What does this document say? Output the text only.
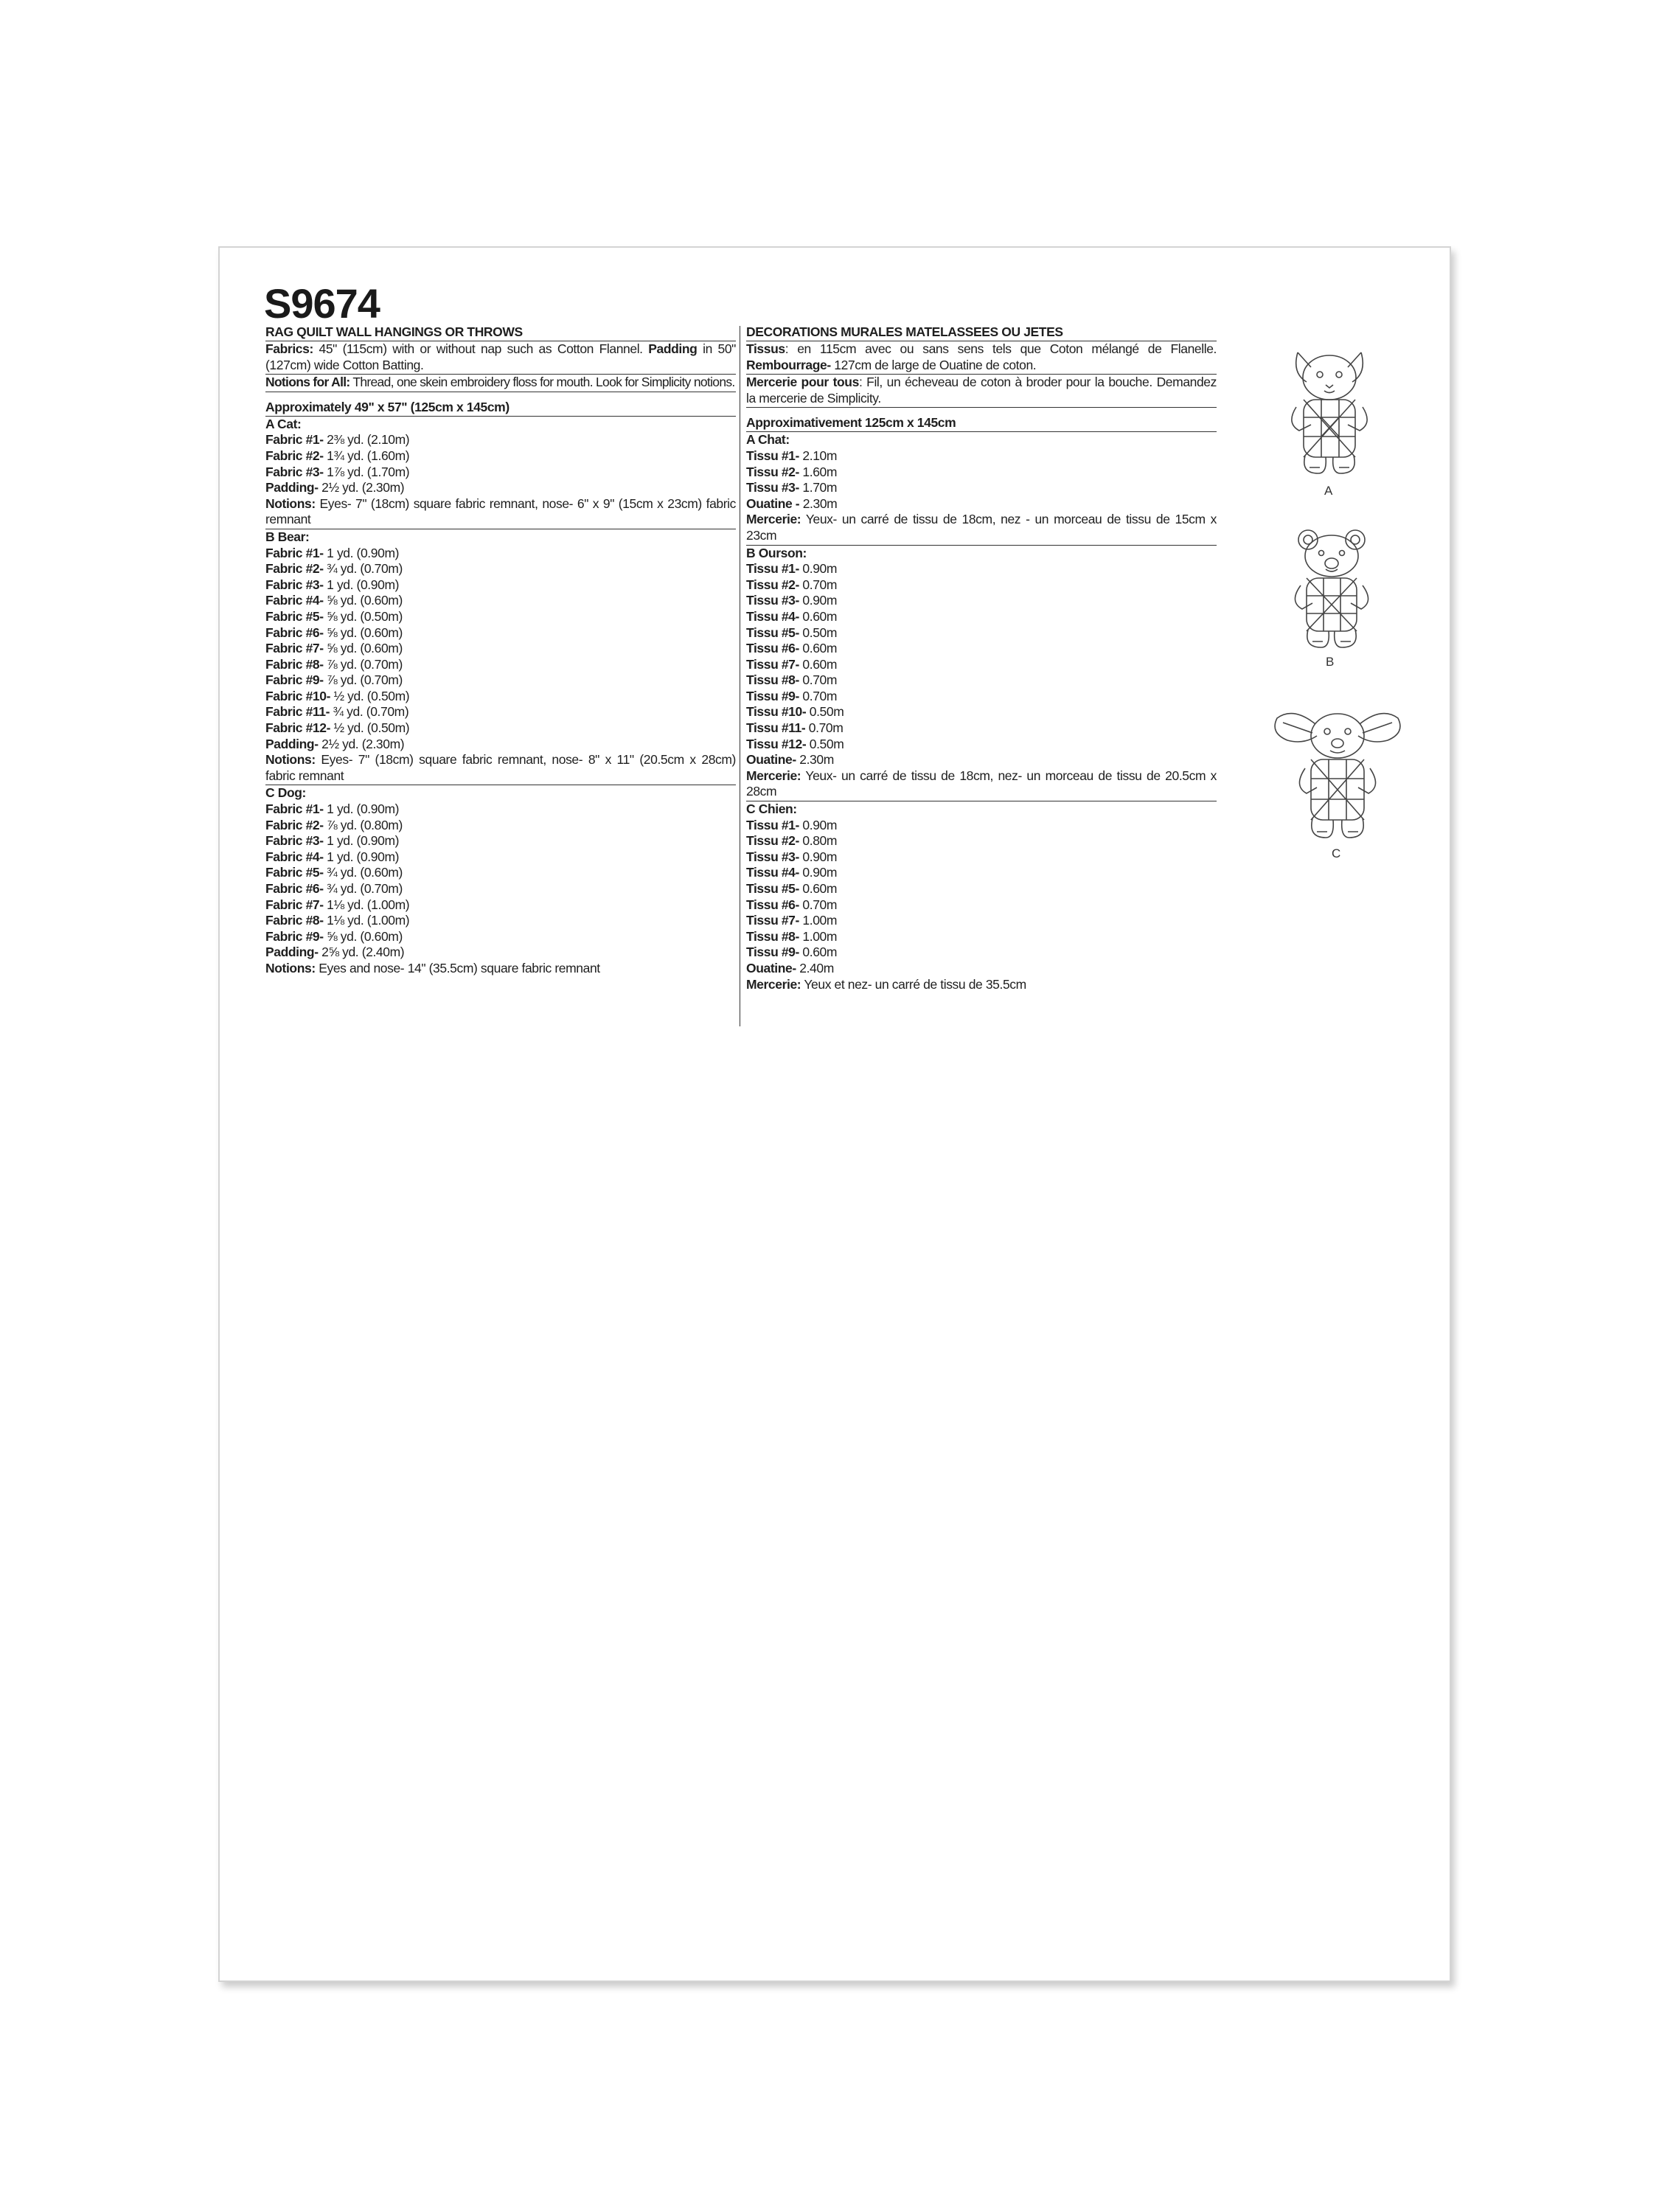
S9674
RAG QUILT WALL HANGINGS OR THROWS
Fabrics: 45" (115cm) with or without nap such as Cotton Flannel. Padding in 50" (127cm) wide Cotton Batting.
Notions for All: Thread, one skein embroidery floss for mouth. Look for Simplicity notions.
Approximately 49" x 57" (125cm x 145cm)
A Cat:
Fabric #1- 2⅜ yd. (2.10m)
Fabric #2- 1¾ yd. (1.60m)
Fabric #3- 1⅞ yd. (1.70m)
Padding- 2½ yd. (2.30m)
Notions: Eyes- 7" (18cm) square fabric remnant, nose- 6" x 9" (15cm x 23cm) fabric remnant
B Bear:
Fabric #1- 1 yd. (0.90m)
Fabric #2- ¾ yd. (0.70m)
Fabric #3- 1 yd. (0.90m)
Fabric #4- ⅝ yd. (0.60m)
Fabric #5- ⅝ yd. (0.50m)
Fabric #6- ⅝ yd. (0.60m)
Fabric #7- ⅝ yd. (0.60m)
Fabric #8- ⅞ yd. (0.70m)
Fabric #9- ⅞ yd. (0.70m)
Fabric #10- ½ yd. (0.50m)
Fabric #11- ¾ yd. (0.70m)
Fabric #12- ½ yd. (0.50m)
Padding- 2½ yd. (2.30m)
Notions: Eyes- 7" (18cm) square fabric remnant, nose- 8" x 11" (20.5cm x 28cm) fabric remnant
C Dog:
Fabric #1- 1 yd. (0.90m)
Fabric #2- ⅞ yd. (0.80m)
Fabric #3- 1 yd. (0.90m)
Fabric #4- 1 yd. (0.90m)
Fabric #5- ¾ yd. (0.60m)
Fabric #6- ¾ yd. (0.70m)
Fabric #7- 1⅛ yd. (1.00m)
Fabric #8- 1⅛ yd. (1.00m)
Fabric #9- ⅝ yd. (0.60m)
Padding- 2⅝ yd. (2.40m)
Notions: Eyes and nose- 14" (35.5cm) square fabric remnant
DECORATIONS MURALES MATELASSEES OU JETES
Tissus: en 115cm avec ou sans sens tels que Coton mélangé de Flanelle. Rembourrage- 127cm de large de Ouatine de coton.
Mercerie pour tous: Fil, un écheveau de coton à broder pour la bouche. Demandez la mercerie de Simplicity.
Approximativement 125cm x 145cm
A Chat:
Tissu #1- 2.10m
Tissu #2- 1.60m
Tissu #3- 1.70m
Ouatine - 2.30m
Mercerie: Yeux- un carré de tissu de 18cm, nez - un morceau de tissu de 15cm x 23cm
B Ourson:
Tissu #1- 0.90m
Tissu #2- 0.70m
Tissu #3- 0.90m
Tissu #4- 0.60m
Tissu #5- 0.50m
Tissu #6- 0.60m
Tissu #7- 0.60m
Tissu #8- 0.70m
Tissu #9- 0.70m
Tissu #10- 0.50m
Tissu #11- 0.70m
Tissu #12- 0.50m
Ouatine- 2.30m
Mercerie: Yeux- un carré de tissu de 18cm, nez- un morceau de tissu de 20.5cm x 28cm
C Chien:
Tissu #1- 0.90m
Tissu #2- 0.80m
Tissu #3- 0.90m
Tissu #4- 0.90m
Tissu #5- 0.60m
Tissu #6- 0.70m
Tissu #7- 1.00m
Tissu #8- 1.00m
Tissu #9- 0.60m
Ouatine- 2.40m
Mercerie: Yeux et nez- un carré de tissu de 35.5cm
A
B
C
